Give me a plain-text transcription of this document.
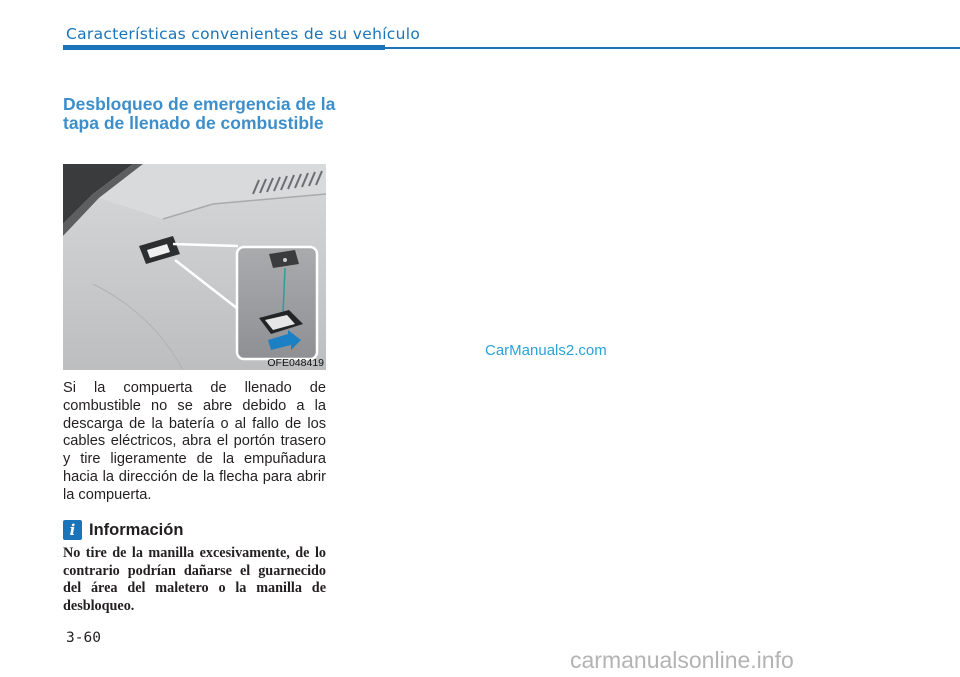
Características convenientes de su vehículo
Desbloqueo de emergencia de la tapa de llenado de combustible
OFE048419
Si la compuerta de llenado de combustible no se abre debido a la descarga de la batería o al fallo de los cables eléctricos, abra el portón trasero y tire ligeramente de la empuñadura hacia la dirección de la flecha para abrir la compuerta.
i Información
No tire de la manilla excesivamente, de lo contrario podrían dañarse el guarnecido del área del maletero o la manilla de desbloqueo.
CarManuals2.com
3-60
carmanualsonline.info
